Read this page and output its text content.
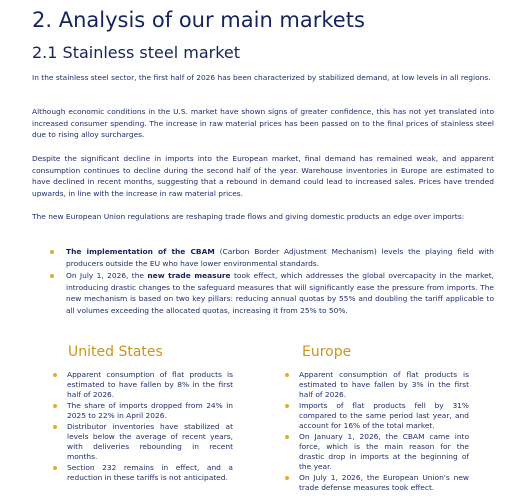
2. Analysis of our main markets
2.1 Stainless steel market

In the stainless steel sector, the first half of 2026 has been characterized by stabilized demand, at low levels in all regions.

Although economic conditions in the U.S. market have shown signs of greater confidence, this has not yet translated into increased consumer spending. The increase in raw material prices has been passed on to the final prices of stainless steel due to rising alloy surcharges.

Despite the significant decline in imports into the European market, final demand has remained weak, and apparent consumption continues to decline during the second half of the year. Warehouse inventories in Europe are estimated to have declined in recent months, suggesting that a rebound in demand could lead to increased sales. Prices have trended upwards, in line with the increase in raw material prices.

The new European Union regulations are reshaping trade flows and giving domestic products an edge over imports:

The implementation of the CBAM (Carbon Border Adjustment Mechanism) levels the playing field with producers outside the EU who have lower environmental standards.
On July 1, 2026, the new trade measure took effect, which addresses the global overcapacity in the market, introducing drastic changes to the safeguard measures that will significantly ease the pressure from imports. The new mechanism is based on two key pillars: reducing annual quotas by 55% and doubling the tariff applicable to all volumes exceeding the allocated quotas, increasing it from 25% to 50%.
United States
Apparent consumption of flat products is estimated to have fallen by 8% in the first half of 2026.
The share of imports dropped from 24% in 2025 to 22% in April 2026.
Distributor inventories have stabilized at levels below the average of recent years, with deliveries rebounding in recent months.
Section 232 remains in effect, and a reduction in these tariffs is not anticipated.
Europe
Apparent consumption of flat products is estimated to have fallen by 3% in the first half of 2026.
Imports of flat products fell by 31% compared to the same period last year, and account for 16% of the total market.
On January 1, 2026, the CBAM came into force, which is the main reason for the drastic drop in imports at the beginning of the year.
On July 1, 2026, the European Union's new trade defense measures took effect.
